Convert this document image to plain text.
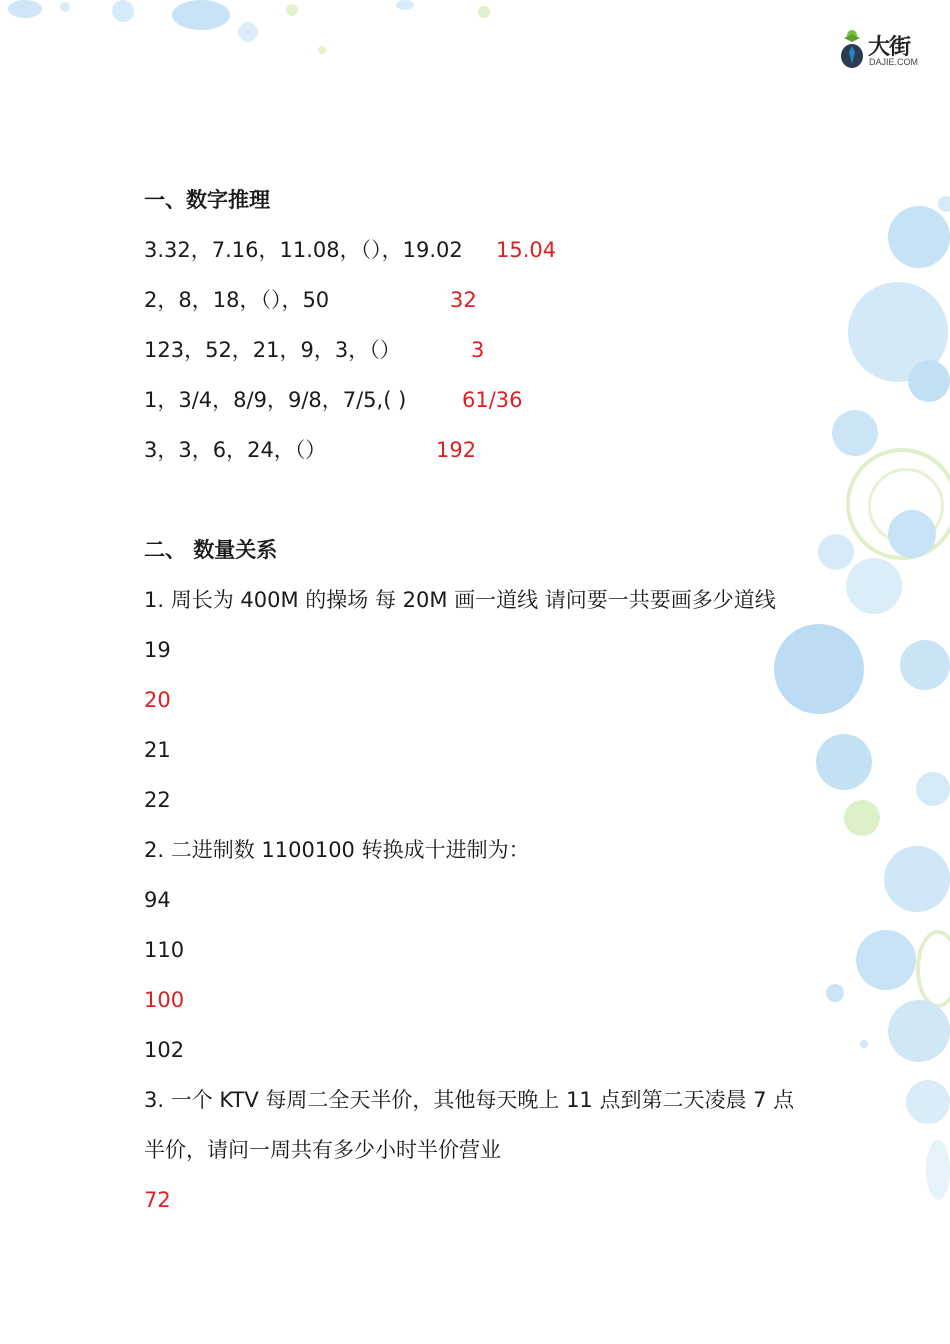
大街
DAJIE.COM
一、数字推理
3.32，7.16，11.08，（），19.02 15.04
2，8，18，（），50	32
123，52，21，9，3，（）	3
1，3/4，8/9，9/8，7/5,( )	61/36
3，3，6，24，（）	192
二、 数量关系
1. 周长为 400M 的操场 每 20M 画一道线 请问要一共要画多少道线
19
20
21
22
2. 二进制数 1100100 转换成十进制为：
94
110
100
102
3. 一个 KTV 每周二全天半价，其他每天晚上 11 点到第二天凌晨 7 点
半价，请问一周共有多少小时半价营业
72
